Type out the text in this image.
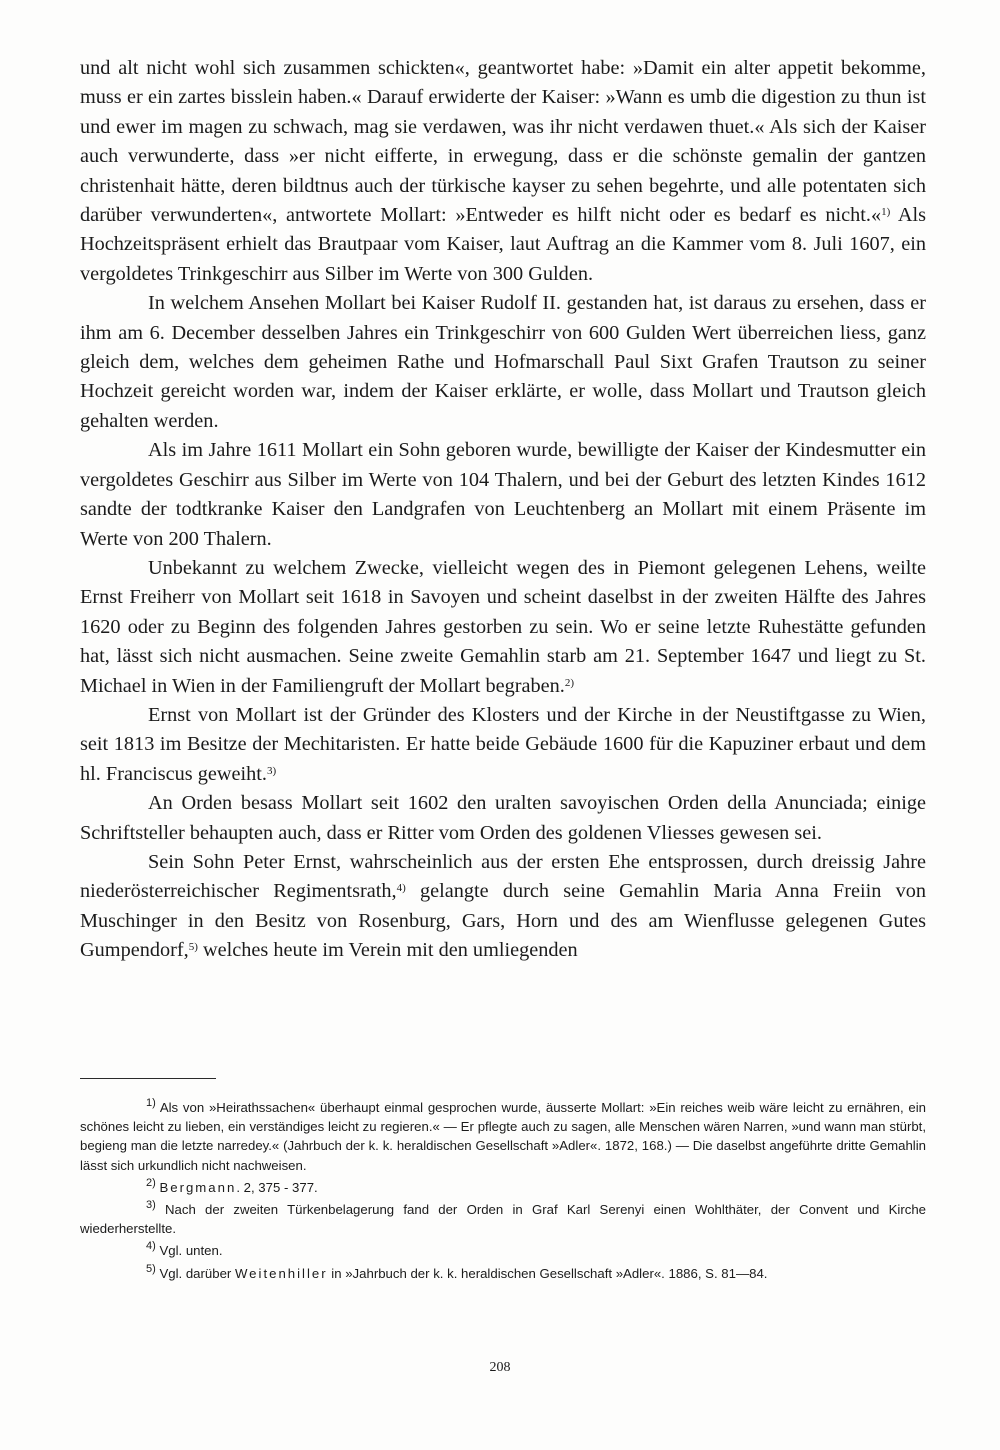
und alt nicht wohl sich zusammen schickten«, geantwortet habe: »Damit ein alter appetit bekomme, muss er ein zartes bisslein haben.« Darauf erwiderte der Kaiser: »Wann es umb die digestion zu thun ist und ewer im magen zu schwach, mag sie verdawen, was ihr nicht verdawen thuet.« Als sich der Kaiser auch verwunderte, dass »er nicht eifferte, in erwegung, dass er die schönste gemalin der gantzen christenhait hätte, deren bildtnus auch der türkische kayser zu sehen begehrte, und alle potentaten sich darüber verwunderten«, antwortete Mollart: »Entweder es hilft nicht oder es bedarf es nicht.«$^{1)}$ Als Hochzeitspräsent erhielt das Brautpaar vom Kaiser, laut Auftrag an die Kammer vom 8. Juli 1607, ein vergoldetes Trinkgeschirr aus Silber im Werte von 300 Gulden.

In welchem Ansehen Mollart bei Kaiser Rudolf II. gestanden hat, ist daraus zu ersehen, dass er ihm am 6. December desselben Jahres ein Trinkgeschirr von 600 Gulden Wert überreichen liess, ganz gleich dem, welches dem geheimen Rathe und Hofmarschall Paul Sixt Grafen Trautson zu seiner Hochzeit gereicht worden war, indem der Kaiser erklärte, er wolle, dass Mollart und Trautson gleich gehalten werden.

Als im Jahre 1611 Mollart ein Sohn geboren wurde, bewilligte der Kaiser der Kindesmutter ein vergoldetes Geschirr aus Silber im Werte von 104 Thalern, und bei der Geburt des letzten Kindes 1612 sandte der todtkranke Kaiser den Landgrafen von Leuchtenberg an Mollart mit einem Präsente im Werte von 200 Thalern.

Unbekannt zu welchem Zwecke, vielleicht wegen des in Piemont gelegenen Lehens, weilte Ernst Freiherr von Mollart seit 1618 in Savoyen und scheint daselbst in der zweiten Hälfte des Jahres 1620 oder zu Beginn des folgenden Jahres gestorben zu sein. Wo er seine letzte Ruhestätte gefunden hat, lässt sich nicht ausmachen. Seine zweite Gemahlin starb am 21. September 1647 und liegt zu St. Michael in Wien in der Familiengruft der Mollart begraben.$^{2)}$

Ernst von Mollart ist der Gründer des Klosters und der Kirche in der Neustiftgasse zu Wien, seit 1813 im Besitze der Mechitaristen. Er hatte beide Gebäude 1600 für die Kapuziner erbaut und dem hl. Franciscus geweiht.$^{3)}$

An Orden besass Mollart seit 1602 den uralten savoyischen Orden della Anunciada; einige Schriftsteller behaupten auch, dass er Ritter vom Orden des goldenen Vliesses gewesen sei.

Sein Sohn Peter Ernst, wahrscheinlich aus der ersten Ehe entsprossen, durch dreissig Jahre niederösterreichischer Regimentsrath,$^{4)}$ gelangte durch seine Gemahlin Maria Anna Freiin von Muschinger in den Besitz von Rosenburg, Gars, Horn und des am Wienflusse gelegenen Gutes Gumpendorf,$^{5)}$ welches heute im Verein mit den umliegenden

$^{1)}$ Als von »Heirathssachen« überhaupt einmal gesprochen wurde, äusserte Mollart: »Ein reiches weib wäre leicht zu ernähren, ein schönes leicht zu lieben, ein verständiges leicht zu regieren.« — Er pflegte auch zu sagen, alle Menschen wären Narren, »und wann man stürbt, begieng man die letzte narredey.« (Jahrbuch der k. k. heraldischen Gesellschaft »Adler«. 1872, 168.) — Die daselbst angeführte dritte Gemahlin lässt sich urkundlich nicht nachweisen.

$^{2)}$ Bergmann. 2, 375 - 377.

$^{3)}$ Nach der zweiten Türkenbelagerung fand der Orden in Graf Karl Serenyi einen Wohlthäter, der Convent und Kirche wiederherstellte.

$^{4)}$ Vgl. unten.

$^{5)}$ Vgl. darüber Weitenhiller in »Jahrbuch der k. k. heraldischen Gesellschaft »Adler«. 1886, S. 81—84.

208
